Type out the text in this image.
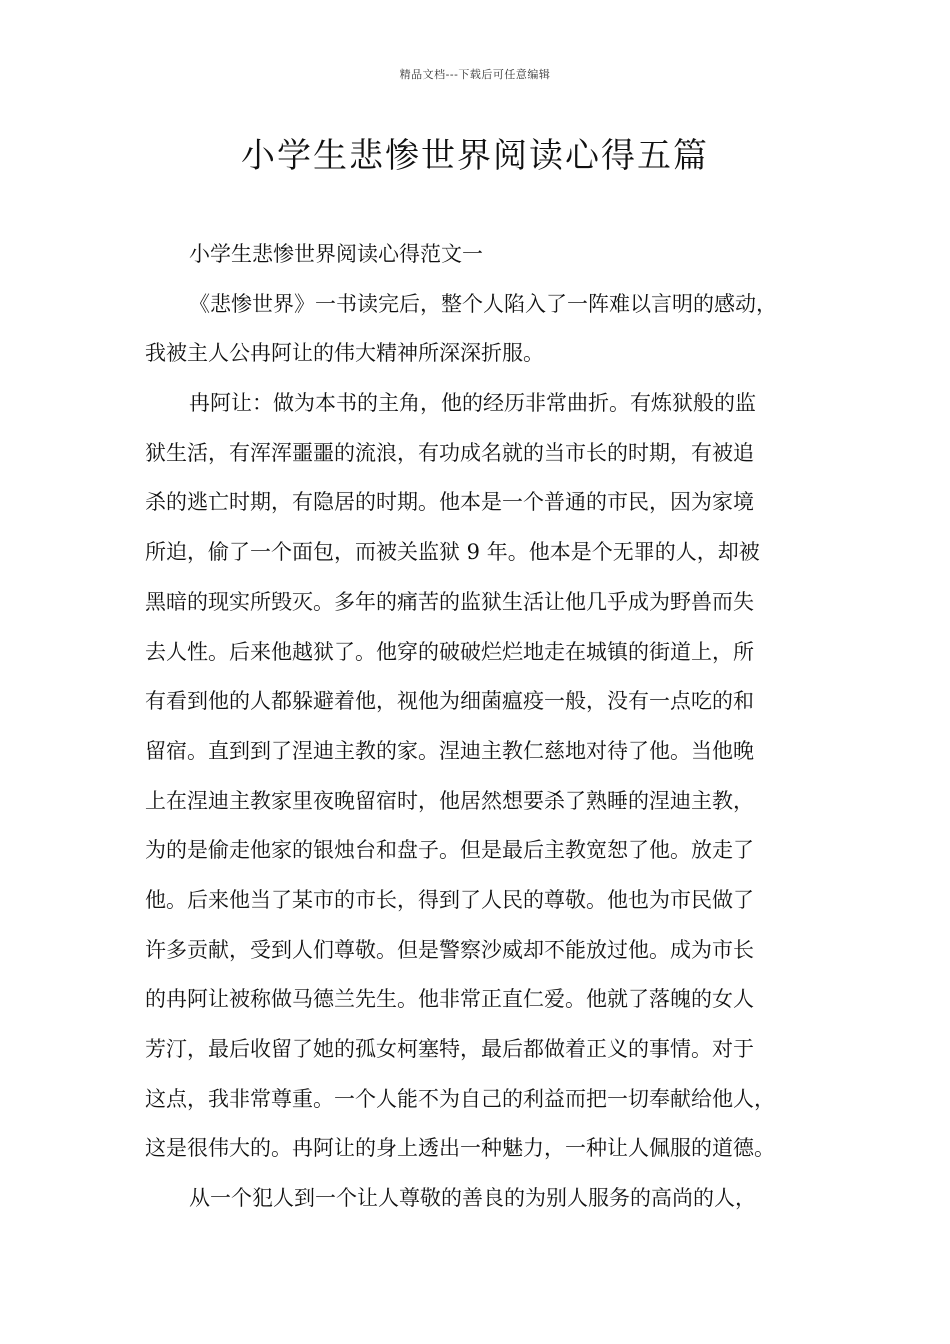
精品文档---下载后可任意编辑
小学生悲惨世界阅读心得五篇
小学生悲惨世界阅读心得范文一
《悲惨世界》一书读完后，整个人陷入了一阵难以言明的感动，
我被主人公冉阿让的伟大精神所深深折服。
冉阿让：做为本书的主角，他的经历非常曲折。有炼狱般的监
狱生活，有浑浑噩噩的流浪，有功成名就的当市长的时期，有被追
杀的逃亡时期，有隐居的时期。他本是一个普通的市民，因为家境
所迫，偷了一个面包，而被关监狱 9 年。他本是个无罪的人，却被
黑暗的现实所毁灭。多年的痛苦的监狱生活让他几乎成为野兽而失
去人性。后来他越狱了。他穿的破破烂烂地走在城镇的街道上，所
有看到他的人都躲避着他，视他为细菌瘟疫一般，没有一点吃的和
留宿。直到到了涅迪主教的家。涅迪主教仁慈地对待了他。当他晚
上在涅迪主教家里夜晚留宿时，他居然想要杀了熟睡的涅迪主教，
为的是偷走他家的银烛台和盘子。但是最后主教宽恕了他。放走了
他。后来他当了某市的市长，得到了人民的尊敬。他也为市民做了
许多贡献，受到人们尊敬。但是警察沙威却不能放过他。成为市长
的冉阿让被称做马德兰先生。他非常正直仁爱。他就了落魄的女人
芳汀，最后收留了她的孤女柯塞特，最后都做着正义的事情。对于
这点，我非常尊重。一个人能不为自己的利益而把一切奉献给他人，
这是很伟大的。冉阿让的身上透出一种魅力，一种让人佩服的道德。
从一个犯人到一个让人尊敬的善良的为别人服务的高尚的人，
